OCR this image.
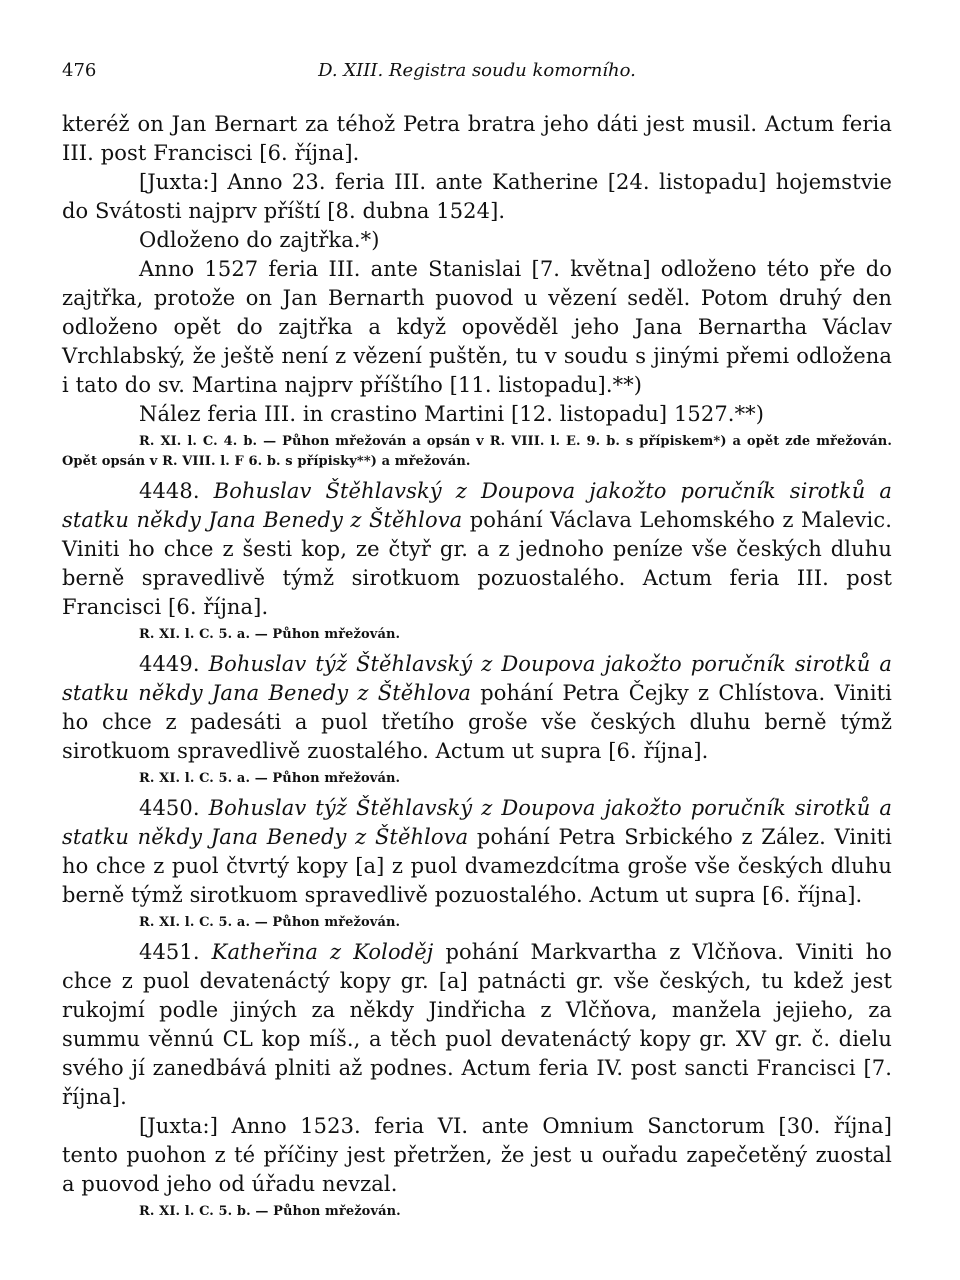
476	D. XIII. Registra soudu komorního.

kteréž on Jan Bernart za téhož Petra bratra jeho dáti jest musil. Actum feria III. post Francisci [6. října].

[Juxta:] Anno 23. feria III. ante Katherine [24. listopadu] hojemstvie do Svátosti najprv příští [8. dubna 1524].

Odloženo do zajtřka.*)

Anno 1527 feria III. ante Stanislai [7. května] odloženo této pře do zajtřka, protože on Jan Bernarth puovod u vězení seděl. Potom druhý den odloženo opět do zajtřka a když opověděl jeho Jana Bernartha Václav Vrchlabský, že ještě není z vězení puštěn, tu v soudu s jinými přemi odložena i tato do sv. Martina najprv příštího [11. listopadu].**)

Nález feria III. in crastino Martini [12. listopadu] 1527.**)

R. XI. l. C. 4. b. — Půhon mřežován a opsán v R. VIII. l. E. 9. b. s přípiskem*) a opět zde mřežován. Opět opsán v R. VIII. l. F 6. b. s přípisky**) a mřežován.

4448. Bohuslav Štěhlavský z Doupova jakožto poručník sirotků a statku někdy Jana Benedy z Štěhlova pohání Václava Lehomského z Malevic. Viniti ho chce z šesti kop, ze čtyř gr. a z jednoho peníze vše českých dluhu berně spravedlivě týmž sirotkuom pozuostalého. Actum feria III. post Francisci [6. října].

R. XI. l. C. 5. a. — Půhon mřežován.

4449. Bohuslav týž Štěhlavský z Doupova jakožto poručník sirotků a statku někdy Jana Benedy z Štěhlova pohání Petra Čejky z Chlístova. Viniti ho chce z padesáti a puol třetího groše vše českých dluhu berně týmž sirotkuom spravedlivě zuostalého. Actum ut supra [6. října].

R. XI. l. C. 5. a. — Půhon mřežován.

4450. Bohuslav týž Štěhlavský z Doupova jakožto poručník sirotků a statku někdy Jana Benedy z Štěhlova pohání Petra Srbického z Zález. Viniti ho chce z puol čtvrtý kopy [a] z puol dvamezdcítma groše vše českých dluhu berně týmž sirotkuom spravedlivě pozuostalého. Actum ut supra [6. října].

R. XI. l. C. 5. a. — Půhon mřežován.

4451. Katheřina z Koloděj pohání Markvartha z Vlčňova. Viniti ho chce z puol devatenáctý kopy gr. [a] patnácti gr. vše českých, tu kdež jest rukojmí podle jiných za někdy Jindřicha z Vlčňova, manžela jejieho, za summu věnnú CL kop míš., a těch puol devatenáctý kopy gr. XV gr. č. dielu svého jí zanedbává plniti až podnes. Actum feria IV. post sancti Francisci [7. října].

[Juxta:] Anno 1523. feria VI. ante Omnium Sanctorum [30. října] tento puohon z té příčiny jest přetržen, že jest u ouřadu zapečetěný zuostal a puovod jeho od úřadu nevzal.

R. XI. l. C. 5. b. — Půhon mřežován.
